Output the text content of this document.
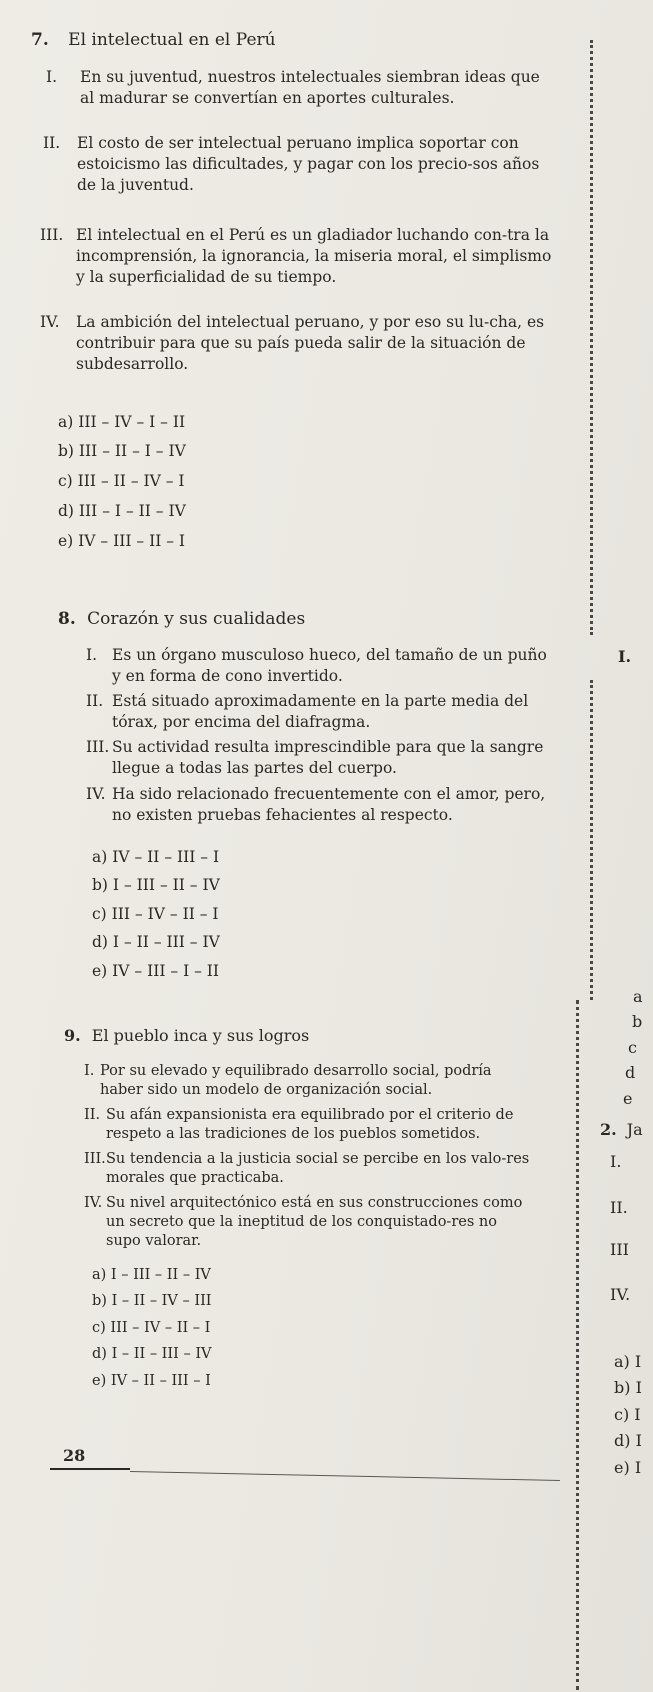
7. El intelectual en el Perú
I.	En su juventud, nuestros intelectuales siembran ideas que al madurar se convertían en aportes culturales.
II.	El costo de ser intelectual peruano implica soportar con estoicismo las dificultades, y pagar con los precio-sos años de la juventud.
III. El intelectual en el Perú es un gladiador luchando con-tra la incomprensión, la ignorancia, la miseria moral, el simplismo y la superficialidad de su tiempo.
IV.	La ambición del intelectual peruano, y por eso su lu-cha, es contribuir para que su país pueda salir de la situación de subdesarrollo.
a) III – IV – I – II
b) III – II – I – IV
c) III – II – IV – I
d) III – I – II – IV
e) IV – III – II – I
8. Corazón y sus cualidades
I. Es un órgano musculoso hueco, del tamaño de un puño y en forma de cono invertido.
II. Está situado aproximadamente en la parte media del tórax, por encima del diafragma.
III. Su actividad resulta imprescindible para que la sangre llegue a todas las partes del cuerpo.
IV. Ha sido relacionado frecuentemente con el amor, pero, no existen pruebas fehacientes al respecto.
a) IV – II – III – I
b) I – III – II – IV
c) III – IV – II – I
d) I – II – III – IV
e) IV – III – I – II
9. El pueblo inca y sus logros
I. Por su elevado y equilibrado desarrollo social, podría haber sido un modelo de organización social.
II. Su afán expansionista era equilibrado por el criterio de respeto a las tradiciones de los pueblos sometidos.
III. Su tendencia a la justicia social se percibe en los valo-res morales que practicaba.
IV. Su nivel arquitectónico está en sus construcciones como un secreto que la ineptitud de los conquistado-res no supo valorar.
a) I – III – II – IV
b) I – II – IV – III
c) III – IV – II – I
d) I – II – III – IV
e) IV – II – III – I
I.
a
b
c
d
e
2. Ja
I.
II.
III
IV.
a) I
b) I
c) I
d) I
e) I
28
